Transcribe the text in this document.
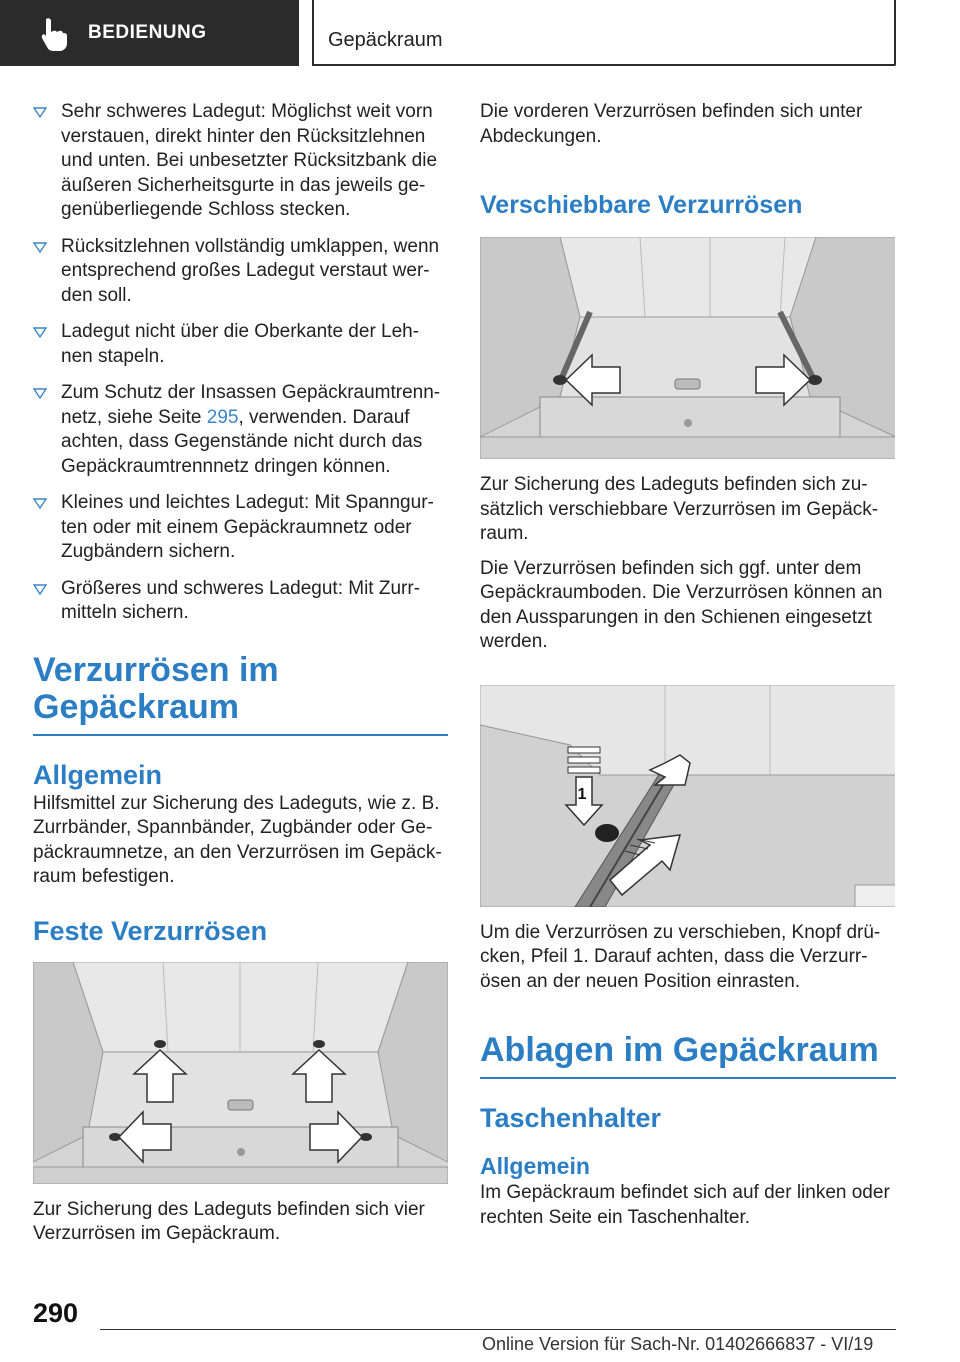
BEDIENUNG	Gepäckraum
Sehr schweres Ladegut: Möglichst weit vorn verstauen, direkt hinter den Rücksitzlehnen und unten. Bei unbesetzter Rücksitzbank die äußeren Sicherheitsgurte in das jeweils ge-genüberliegende Schloss stecken.
Rücksitzlehnen vollständig umklappen, wenn entsprechend großes Ladegut verstaut wer-den soll.
Ladegut nicht über die Oberkante der Leh-nen stapeln.
Zum Schutz der Insassen Gepäckraumtrenn-netz, siehe Seite 295, verwenden. Darauf achten, dass Gegenstände nicht durch das Gepäckraumtrennnetz dringen können.
Kleines und leichtes Ladegut: Mit Spanngur-ten oder mit einem Gepäckraumnetz oder Zugbändern sichern.
Größeres und schweres Ladegut: Mit Zurr-mitteln sichern.
Verzurrösen im Gepäckraum
Allgemein

Hilfsmittel zur Sicherung des Ladeguts, wie z. B. Zurrbänder, Spannbänder, Zugbänder oder Ge-päckraumnetze, an den Verzurrösen im Gepäck-raum befestigen.

Feste Verzurrösen

Zur Sicherung des Ladeguts befinden sich vier Verzurrösen im Gepäckraum.

Die vorderen Verzurrösen befinden sich unter Abdeckungen.

Verschiebbare Verzurrösen

Zur Sicherung des Ladeguts befinden sich zu-sätzlich verschiebbare Verzurrösen im Gepäck-raum.

Die Verzurrösen befinden sich ggf. unter dem Gepäckraumboden. Die Verzurrösen können an den Aussparungen in den Schienen eingesetzt werden.

1

Um die Verzurrösen zu verschieben, Knopf drü-cken, Pfeil 1. Darauf achten, dass die Verzurr-ösen an der neuen Position einrasten.

Ablagen im Gepäckraum
Taschenhalter
Allgemein

Im Gepäckraum befindet sich auf der linken oder rechten Seite ein Taschenhalter.

290
Online Version für Sach-Nr. 01402666837 - VI/19
